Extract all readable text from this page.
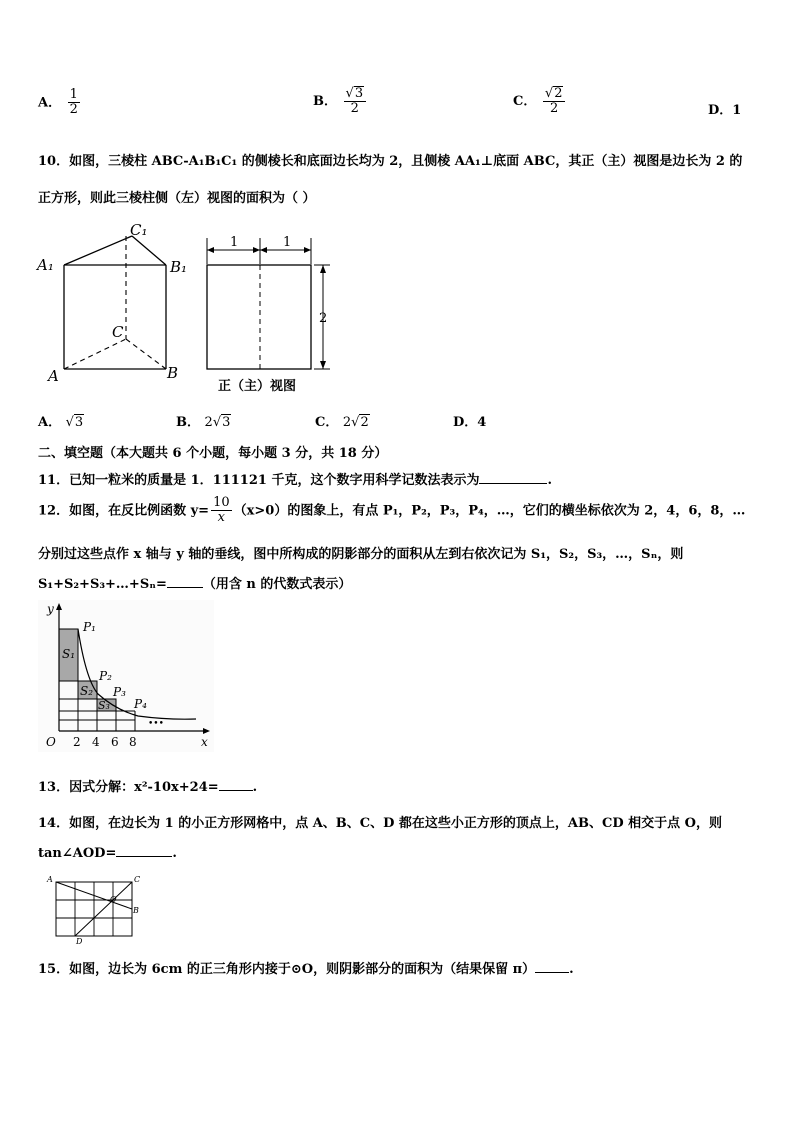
A． $\frac{1}{2}$	B． $\frac{√3}{2}$	C． $\frac{√2}{2}$	D．1
10．如图，三棱柱 ABC-A₁B₁C₁ 的侧棱长和底面边长均为 2，且侧棱 AA₁⊥底面 ABC，其正（主）视图是边长为 2 的
正方形，则此三棱柱侧（左）视图的面积为（ ）
C₁
A₁	B₁
C
A	B
1	1
2
正（主）视图
A． √3	B． 2√3	C． 2√2	D．4
二、填空题（本大题共 6 个小题，每小题 3 分，共 18 分）
11．已知一粒米的质量是 1．111121 千克，这个数字用科学记数法表示为	.
12．如图，在反比例函数 $y= \frac{10}{x} (x>0)$的图象上，有点 P₁，P₂，P₃，P₄，…，它们的横坐标依次为 2，4，6，8，…
分别过这些点作 x 轴与 y 轴的垂线，图中所构成的阴影部分的面积从左到右依次记为 S₁，S₂，S₃，…，Sₙ，则
S₁+S₂+S₃+…+Sₙ=	（用含 n 的代数式表示）
y
x
O 2 4 6 8
P₁
P₂
P₃
P₄
S₁
S₂
S₃
•••
13．因式分解：x²-10x+24=	.
14．如图，在边长为 1 的小正方形网格中，点 A、B、C、D 都在这些小正方形的顶点上，AB、CD 相交于点 O，则
tan∠AOD=	.
A	C
B
O
D
15．如图，边长为 6cm 的正三角形内接于⊙O，则阴影部分的面积为（结果保留 π）	.
